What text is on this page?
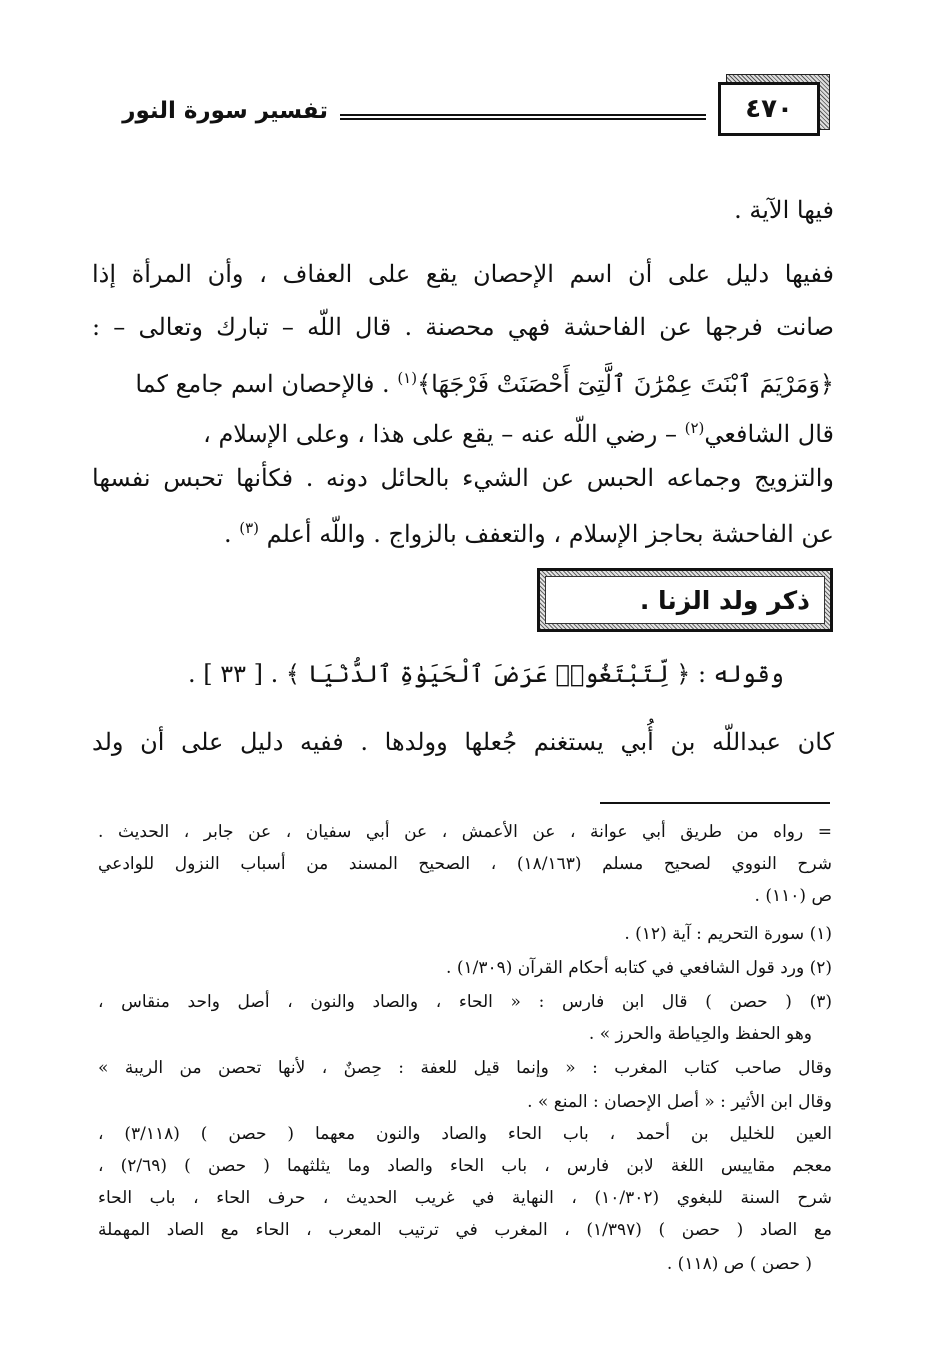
٤٧٠
تفسير سورة النور
فيها الآية .
ففيها دليل على أن اسم الإحصان يقع على العفاف ، وأن المرأة إذا
صانت فرجها عن الفاحشة فهي محصنة . قال اللّه – تبارك وتعالى – :
﴿وَمَرْيَمَ ٱبْنَتَ عِمْرَٰنَ ٱلَّتِىٓ أَحْصَنَتْ فَرْجَهَا﴾$^{(١)}$ . فالإحصان اسم جامع كما
قال الشافعي$^{(٢)}$ – رضي اللّه عنه – يقع على هذا ، وعلى الإسلام ،
والتزويج وجماعه الحبس عن الشيء بالحائل دونه . فكأنها تحبس نفسها
عن الفاحشة بحاجز الإسلام ، والتعفف بالزواج . واللّه أعلم $^{(٣)}$ .
ذكر ولد الزنا .
وقوله : ﴿ لِّتَبْتَغُوا۟ عَرَضَ ٱلْحَيَوٰةِ ٱلدُّنْيَا ﴾ . [ ٣٣ ] .
كان عبداللّه بن أُبي يستغنم جُعلها وولدها . ففيه دليل على أن ولد
= رواه من طريق أبي عوانة ، عن الأعمش ، عن أبي سفيان ، عن جابر ، الحديث .
شرح النووي لصحيح مسلم (١٨/١٦٣) ، الصحيح المسند من أسباب النزول للوادعي
ص (١١٠) .
(١) سورة التحريم : آية (١٢) .
(٢) ورد قول الشافعي في كتابه أحكام القرآن (١/٣٠٩) .
(٣) ( حصن ) قال ابن فارس : « الحاء ، والصاد والنون ، أصل واحد منقاس ،
وهو الحفظ والحِياطة والحرز » .
وقال صاحب كتاب المغرب : « وإنما قيل للعفة : حِصنٌ ، لأنها تحصن من الريبة »
وقال ابن الأثير : « أصل الإحصان : المنع » .
العين للخليل بن أحمد ، باب الحاء والصاد والنون معهما ( حصن ) (٣/١١٨) ،
معجم مقاييس اللغة لابن فارس ، باب الحاء والصاد وما يثلثهما ( حصن ) (٢/٦٩) ،
شرح السنة للبغوي (١٠/٣٠٢) ، النهاية في غريب الحديث ، حرف الحاء ، باب الحاء
مع الصاد ( حصن ) (١/٣٩٧) ، المغرب في ترتيب المعرب ، الحاء مع الصاد المهملة
( حصن ) ص (١١٨) .
